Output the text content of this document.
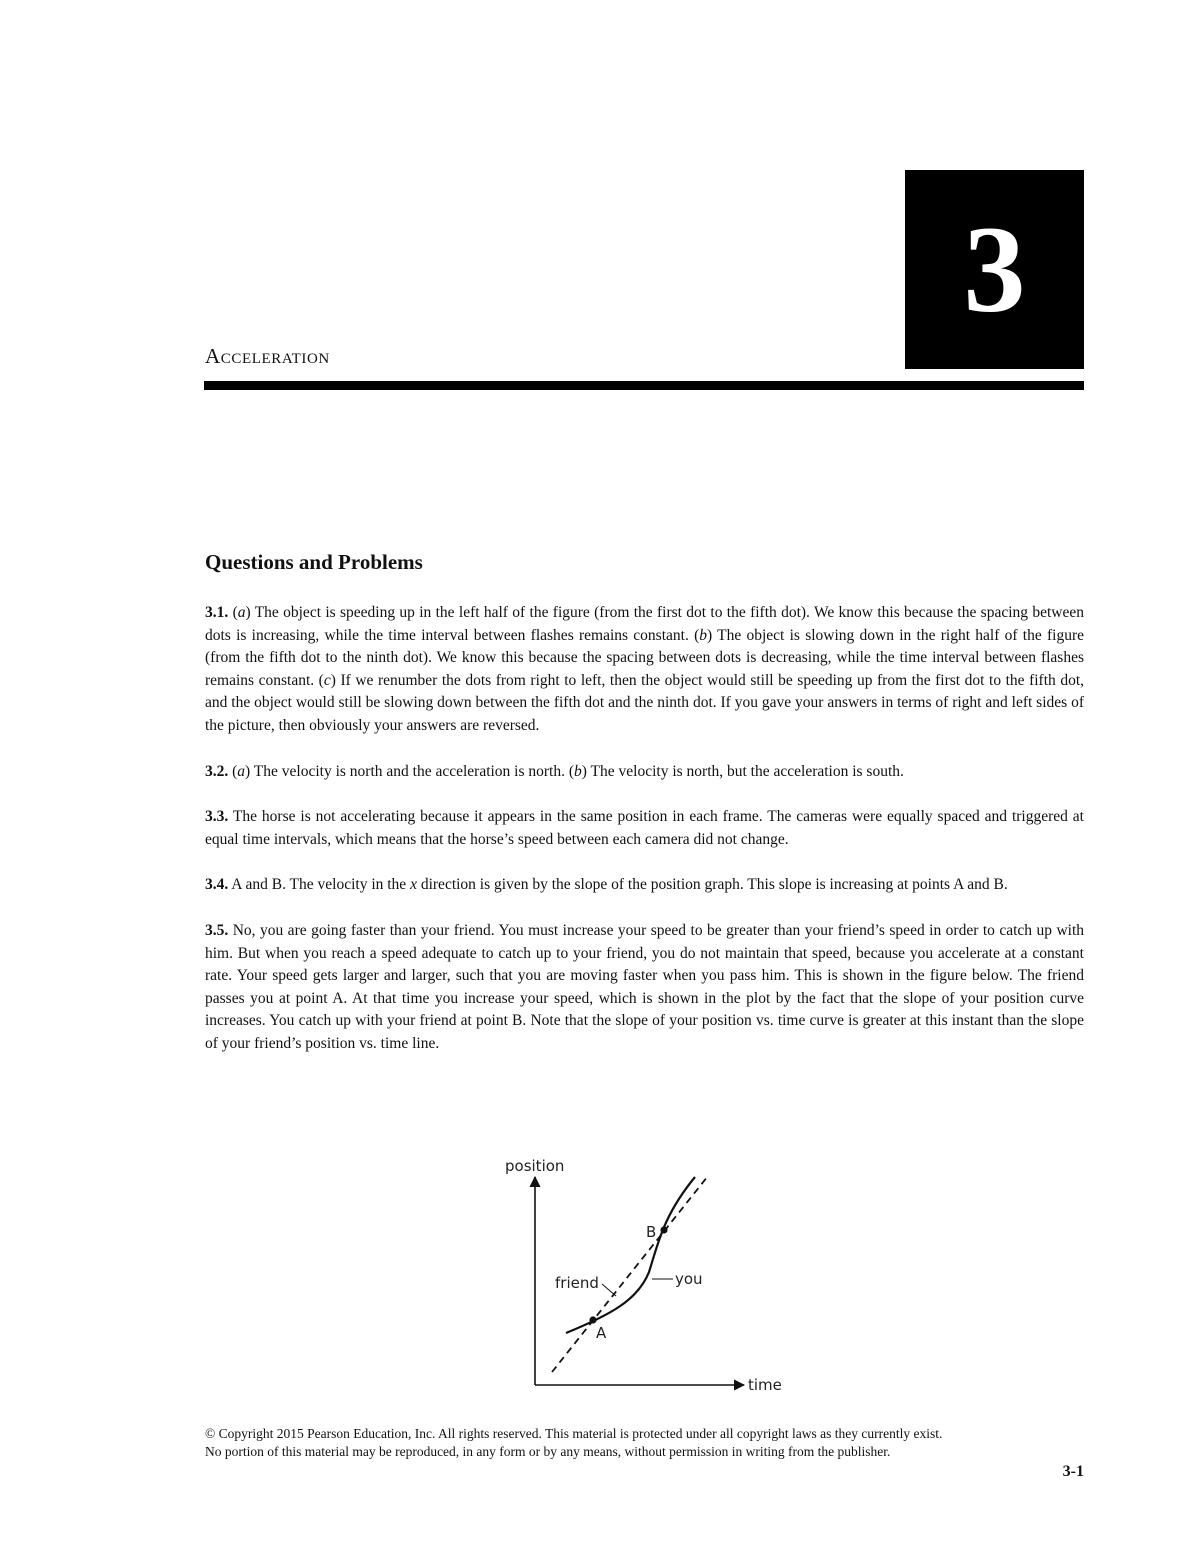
3
Acceleration
Questions and Problems

3.1. (a) The object is speeding up in the left half of the figure (from the first dot to the fifth dot). We know this because the spacing between dots is increasing, while the time interval between flashes remains constant. (b) The object is slowing down in the right half of the figure (from the fifth dot to the ninth dot). We know this because the spacing between dots is decreasing, while the time interval between flashes remains constant. (c) If we renumber the dots from right to left, then the object would still be speeding up from the first dot to the fifth dot, and the object would still be slowing down between the fifth dot and the ninth dot. If you gave your answers in terms of right and left sides of the picture, then obviously your answers are reversed.

3.2. (a) The velocity is north and the acceleration is north. (b) The velocity is north, but the acceleration is south.

3.3. The horse is not accelerating because it appears in the same position in each frame. The cameras were equally spaced and triggered at equal time intervals, which means that the horse’s speed between each camera did not change.

3.4. A and B. The velocity in the x direction is given by the slope of the position graph. This slope is increasing at points A and B.

3.5. No, you are going faster than your friend. You must increase your speed to be greater than your friend’s speed in order to catch up with him. But when you reach a speed adequate to catch up to your friend, you do not maintain that speed, because you accelerate at a constant rate. Your speed gets larger and larger, such that you are moving faster when you pass him. This is shown in the figure below. The friend passes you at point A. At that time you increase your speed, which is shown in the plot by the fact that the slope of your position curve increases. You catch up with your friend at point B. Note that the slope of your position vs. time curve is greater at this instant than the slope of your friend’s position vs. time line.

position
time
A
B
friend	you
© Copyright 2015 Pearson Education, Inc. All rights reserved. This material is protected under all copyright laws as they currently exist.
No portion of this material may be reproduced, in any form or by any means, without permission in writing from the publisher.
3-1
